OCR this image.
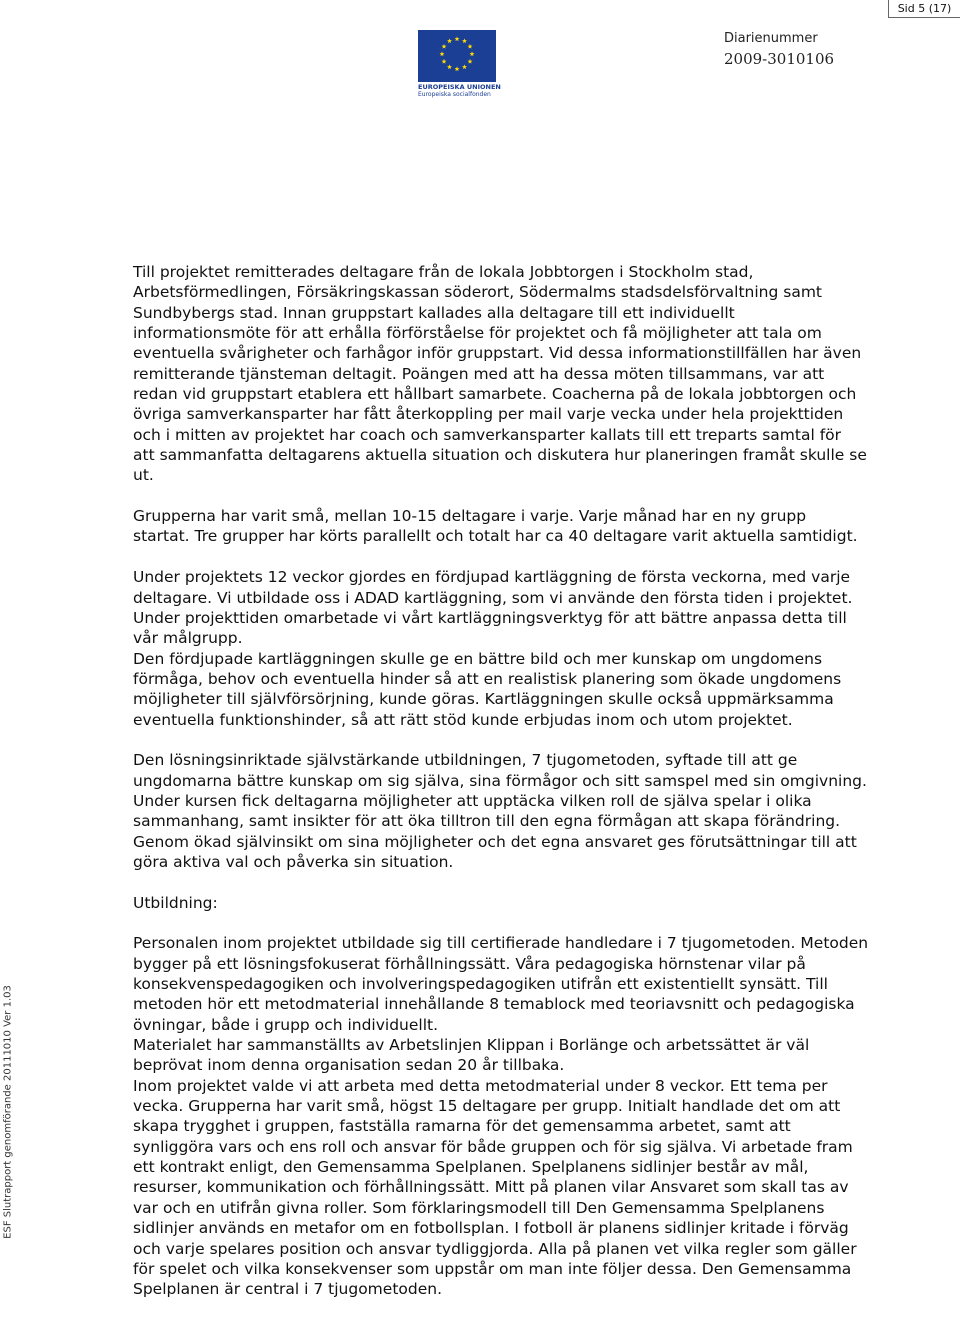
Sid 5 (17)
EUROPEISKA UNIONEN
Europeiska socialfonden
Diarienummer
2009-3010106
ESF Slutrapport genomförande 20111010 Ver 1.03

Till projektet remitterades deltagare från de lokala Jobbtorgen i Stockholm stad,
Arbetsförmedlingen, Försäkringskassan söderort, Södermalms stadsdelsförvaltning samt
Sundbybergs stad. Innan gruppstart kallades alla deltagare till ett individuellt
informationsmöte för att erhålla förförståelse för projektet och få möjligheter att tala om
eventuella svårigheter och farhågor inför gruppstart. Vid dessa informationstillfällen har även
remitterande tjänsteman deltagit. Poängen med att ha dessa möten tillsammans, var att
redan vid gruppstart etablera ett hållbart samarbete. Coacherna på de lokala jobbtorgen och
övriga samverkansparter har fått återkoppling per mail varje vecka under hela projekttiden
och i mitten av projektet har coach och samverkansparter kallats till ett treparts samtal för
att sammanfatta deltagarens aktuella situation och diskutera hur planeringen framåt skulle se
ut.

Grupperna har varit små, mellan 10-15 deltagare i varje. Varje månad har en ny grupp
startat. Tre grupper har körts parallellt och totalt har ca 40 deltagare varit aktuella samtidigt.

Under projektets 12 veckor gjordes en fördjupad kartläggning de första veckorna, med varje
deltagare. Vi utbildade oss i ADAD kartläggning, som vi använde den första tiden i projektet.
Under projekttiden omarbetade vi vårt kartläggningsverktyg för att bättre anpassa detta till
vår målgrupp.
Den fördjupade kartläggningen skulle ge en bättre bild och mer kunskap om ungdomens
förmåga, behov och eventuella hinder så att en realistisk planering som ökade ungdomens
möjligheter till självförsörjning, kunde göras. Kartläggningen skulle också uppmärksamma
eventuella funktionshinder, så att rätt stöd kunde erbjudas inom och utom projektet.

Den lösningsinriktade självstärkande utbildningen, 7 tjugometoden, syftade till att ge
ungdomarna bättre kunskap om sig själva, sina förmågor och sitt samspel med sin omgivning.
Under kursen fick deltagarna möjligheter att upptäcka vilken roll de själva spelar i olika
sammanhang, samt insikter för att öka tilltron till den egna förmågan att skapa förändring.
Genom ökad självinsikt om sina möjligheter och det egna ansvaret ges förutsättningar till att
göra aktiva val och påverka sin situation.

Utbildning:

Personalen inom projektet utbildade sig till certifierade handledare i 7 tjugometoden. Metoden
bygger på ett lösningsfokuserat förhållningssätt. Våra pedagogiska hörnstenar vilar på
konsekvenspedagogiken och involveringspedagogiken utifrån ett existentiellt synsätt. Till
metoden hör ett metodmaterial innehållande 8 temablock med teoriavsnitt och pedagogiska
övningar, både i grupp och individuellt.
Materialet har sammanställts av Arbetslinjen Klippan i Borlänge och arbetssättet är väl
beprövat inom denna organisation sedan 20 år tillbaka.
Inom projektet valde vi att arbeta med detta metodmaterial under 8 veckor. Ett tema per
vecka. Grupperna har varit små, högst 15 deltagare per grupp. Initialt handlade det om att
skapa trygghet i gruppen, fastställa ramarna för det gemensamma arbetet, samt att
synliggöra vars och ens roll och ansvar för både gruppen och för sig själva. Vi arbetade fram
ett kontrakt enligt, den Gemensamma Spelplanen. Spelplanens sidlinjer består av mål,
resurser, kommunikation och förhållningssätt. Mitt på planen vilar Ansvaret som skall tas av
var och en utifrån givna roller. Som förklaringsmodell till Den Gemensamma Spelplanens
sidlinjer används en metafor om en fotbollsplan. I fotboll är planens sidlinjer kritade i förväg
och varje spelares position och ansvar tydliggjorda. Alla på planen vet vilka regler som gäller
för spelet och vilka konsekvenser som uppstår om man inte följer dessa. Den Gemensamma
Spelplanen är central i 7 tjugometoden.
